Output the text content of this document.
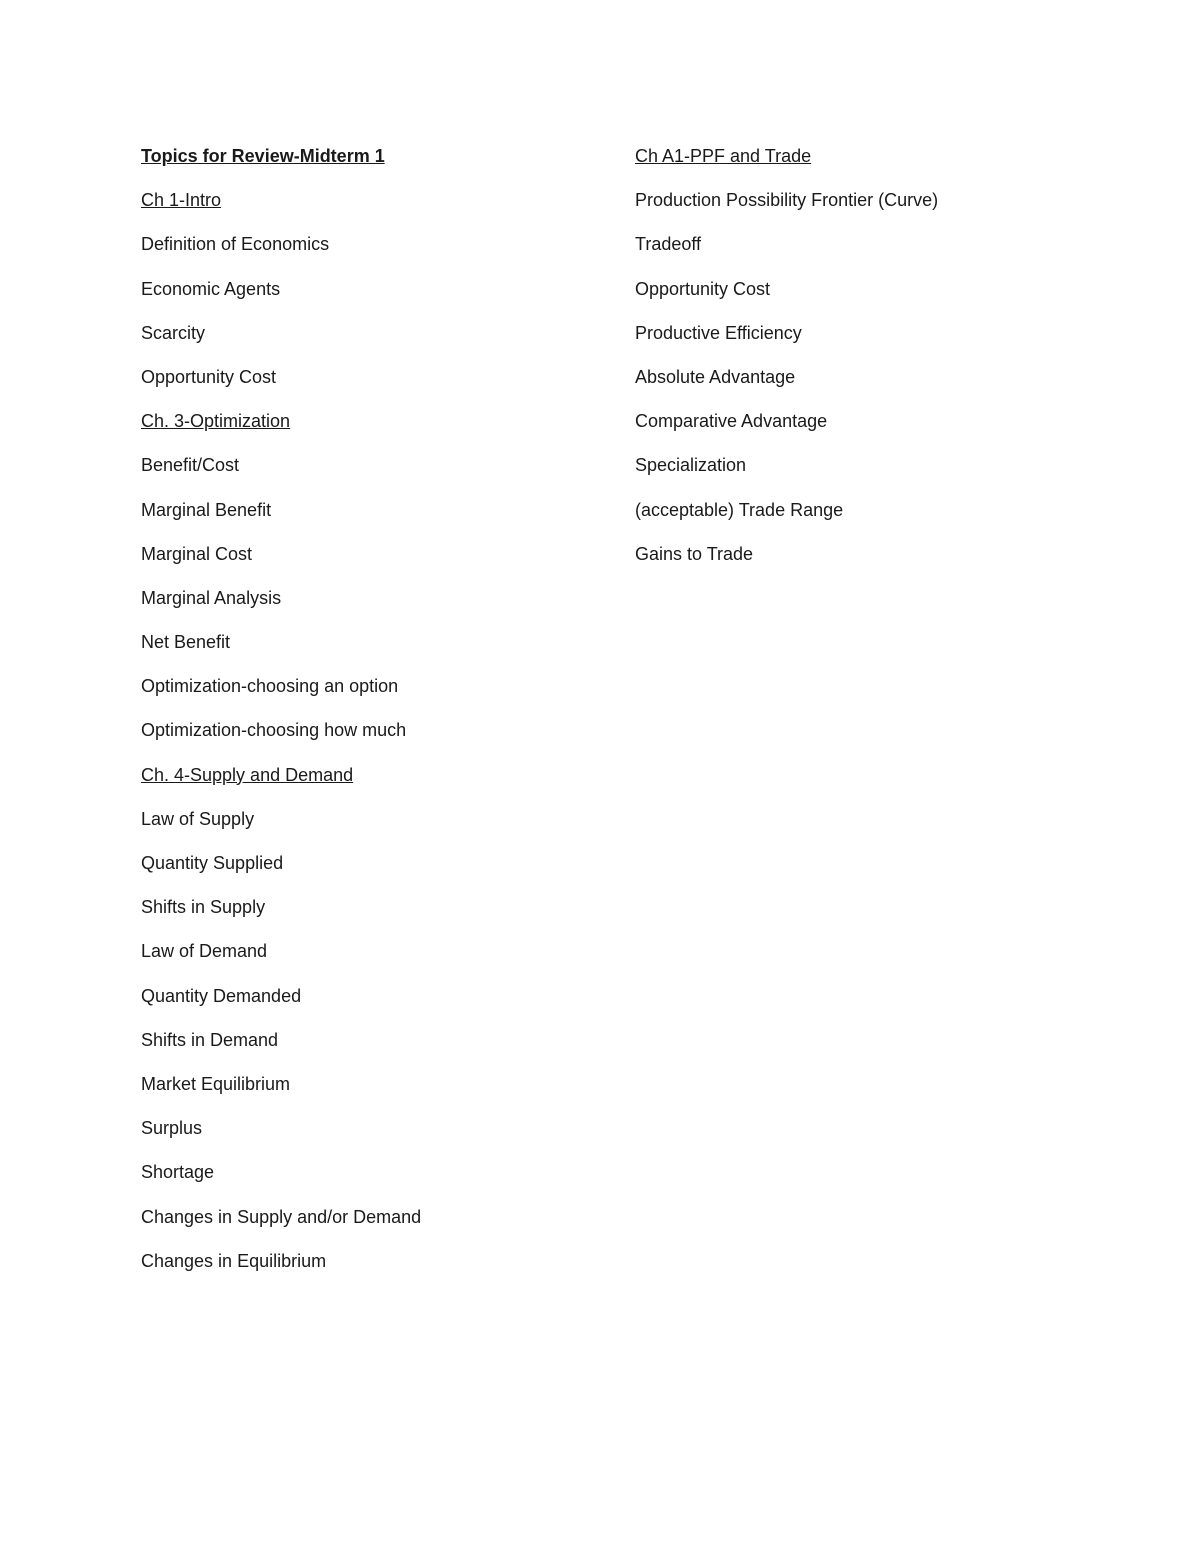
Topics for Review-Midterm 1
Ch 1-Intro
Definition of Economics
Economic Agents
Scarcity
Opportunity Cost
Ch. 3-Optimization
Benefit/Cost
Marginal Benefit
Marginal Cost
Marginal Analysis
Net Benefit
Optimization-choosing an option
Optimization-choosing how much
Ch. 4-Supply and Demand
Law of Supply
Quantity Supplied
Shifts in Supply
Law of Demand
Quantity Demanded
Shifts in Demand
Market Equilibrium
Surplus
Shortage
Changes in Supply and/or Demand
Changes in Equilibrium
Ch A1-PPF and Trade
Production Possibility Frontier (Curve)
Tradeoff
Opportunity Cost
Productive Efficiency
Absolute Advantage
Comparative Advantage
Specialization
(acceptable) Trade Range
Gains to Trade
